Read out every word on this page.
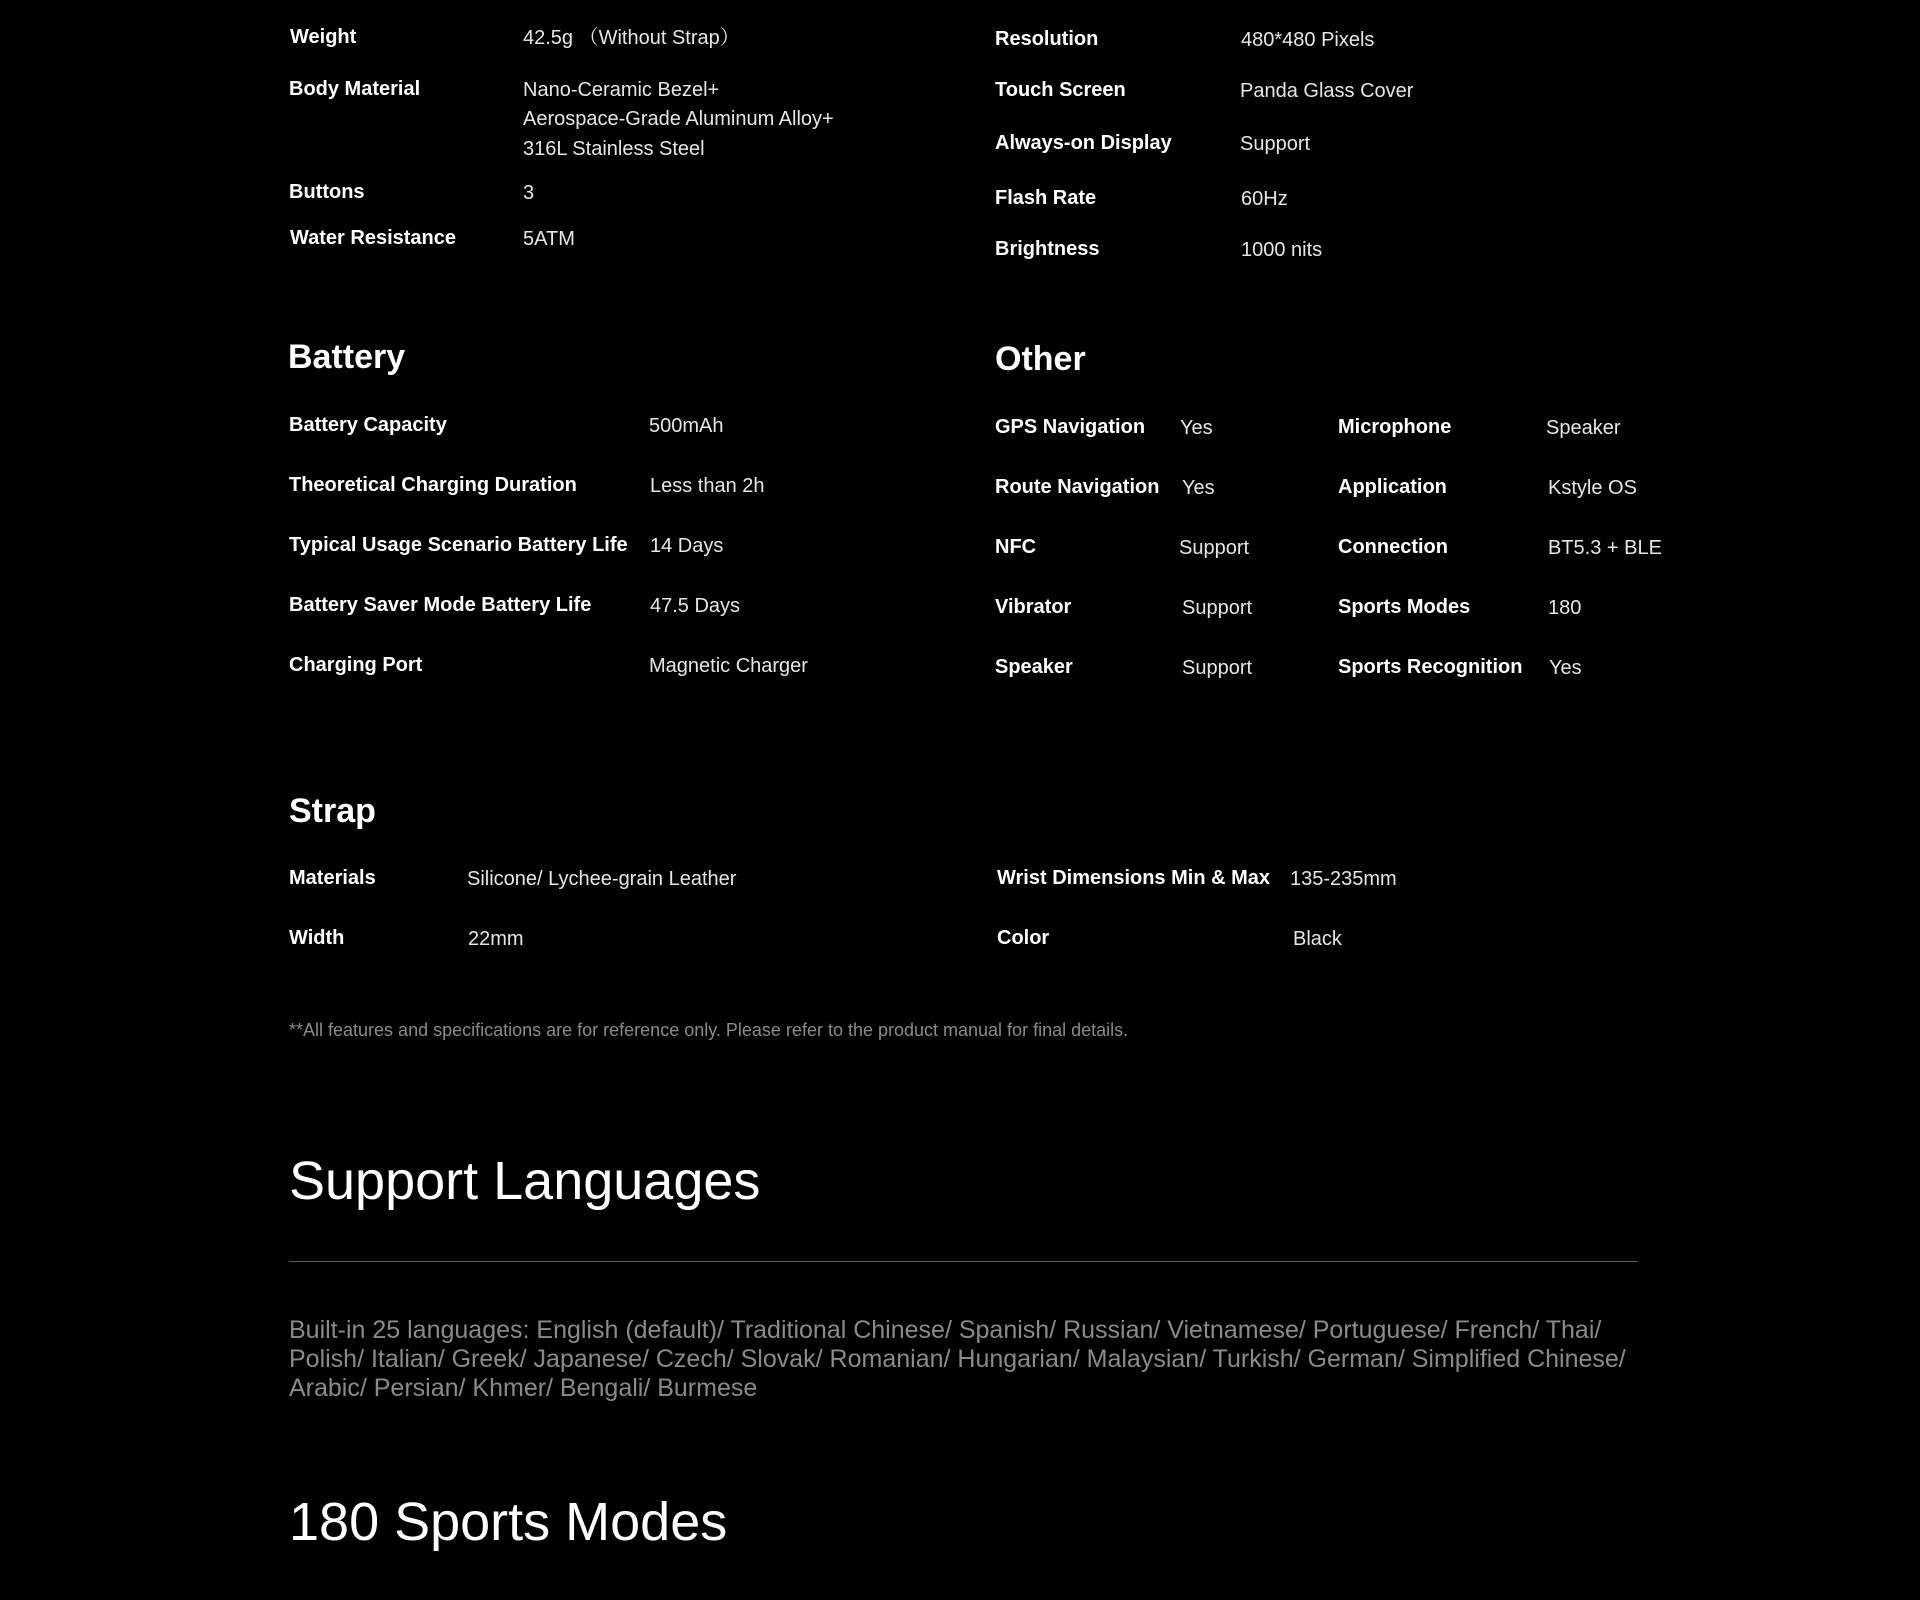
Weight	42.5g （Without Strap）
Body Material	Nano-Ceramic Bezel+
Aerospace-Grade Aluminum Alloy+
316L Stainless Steel
Buttons	3
Water Resistance	5ATM
Resolution	480*480 Pixels
Touch Screen	Panda Glass Cover
Always-on Display	Support
Flash Rate	60Hz
Brightness	1000 nits
Battery
Battery Capacity	500mAh
Theoretical Charging Duration	Less than 2h
Typical Usage Scenario Battery Life 14 Days
Battery Saver Mode Battery Life	47.5 Days
Charging Port	Magnetic Charger
Other
GPS Navigation Yes
Route Navigation Yes
NFC	Support
Vibrator	Support
Speaker	Support
Microphone	Speaker
Application	Kstyle OS
Connection	BT5.3 + BLE
Sports Modes	180
Sports Recognition Yes
Strap
Materials	Silicone/ Lychee-grain Leather
Width	22mm
Wrist Dimensions Min & Max 135-235mm
Color	Black
**All features and specifications are for reference only. Please refer to the product manual for final details.
Support Languages
Built-in 25 languages: English (default)/ Traditional Chinese/ Spanish/ Russian/ Vietnamese/ Portuguese/ French/ Thai/ Polish/ Italian/ Greek/ Japanese/ Czech/ Slovak/ Romanian/ Hungarian/ Malaysian/ Turkish/ German/ Simplified Chinese/ Arabic/ Persian/ Khmer/ Bengali/ Burmese
180 Sports Modes
